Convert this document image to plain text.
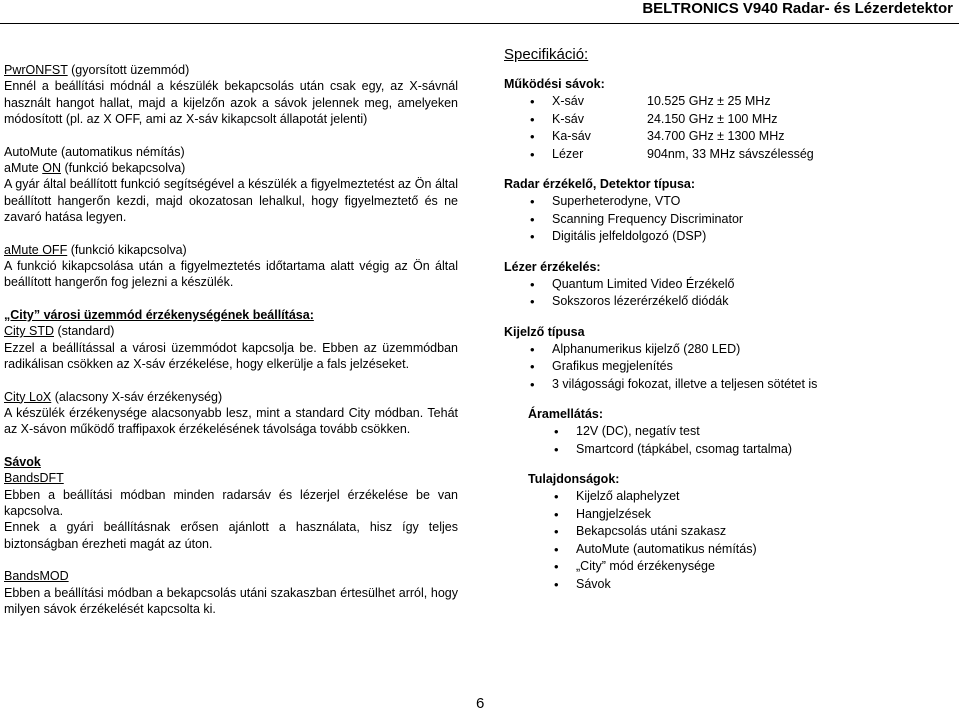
BELTRONICS V940 Radar- és Lézerdetektor

PwrONFST (gyorsított üzemmód)
Ennél a beállítási módnál a készülék bekapcsolás után csak egy, az X-sávnál használt hangot hallat, majd a kijelzőn azok a sávok jelennek meg, amelyeken módosított (pl. az X OFF, ami az X-sáv kikapcsolt állapotát jelenti)

AutoMute (automatikus némítás)
aMute ON (funkció bekapcsolva)
A gyár által beállított funkció segítségével a készülék a figyelmeztetést az Ön által beállított hangerőn kezdi, majd okozatosan lehalkul, hogy figyelmeztető és ne zavaró hatása legyen.

aMute OFF (funkció kikapcsolva)
A funkció kikapcsolása után a figyelmeztetés időtartama alatt végig az Ön által beállított hangerőn fog jelezni a készülék.

„City” városi üzemmód érzékenységének beállítása:
City STD (standard)
Ezzel a beállítással a városi üzemmódot kapcsolja be. Ebben az üzemmódban radikálisan csökken az X-sáv érzékelése, hogy elkerülje a fals jelzéseket.

City LoX (alacsony X-sáv érzékenység)
A készülék érzékenysége alacsonyabb lesz, mint a standard City módban. Tehát az X-sávon működő traffipaxok érzékelésének távolsága tovább csökken.

Sávok
BandsDFT
Ebben a beállítási módban minden radarsáv és lézerjel érzékelése be van kapcsolva.
Ennek a gyári beállításnak erősen ajánlott a használata, hisz így teljes biztonságban érezheti magát az úton.

BandsMOD
Ebben a beállítási módban a bekapcsolás utáni szakaszban értesülhet arról, hogy milyen sávok érzékelését kapcsolta ki.

Specifikáció:
Működési sávok:
• X-sáv	10.525 GHz ± 25 MHz
• K-sáv	24.150 GHz ± 100 MHz
• Ka-sáv	34.700 GHz ± 1300 MHz
• Lézer	904nm, 33 MHz sávszélesség
Radar érzékelő, Detektor típusa:
• Superheterodyne, VTO
• Scanning Frequency Discriminator
• Digitális jelfeldolgozó (DSP)
Lézer érzékelés:
• Quantum Limited Video Érzékelő
• Sokszoros lézerérzékelő diódák
Kijelző típusa
• Alphanumerikus kijelző (280 LED)
• Grafikus megjelenítés
• 3 világossági fokozat, illetve a teljesen sötétet is
Áramellátás:
• 12V (DC), negatív test
• Smartcord (tápkábel, csomag tartalma)
Tulajdonságok:
• Kijelző alaphelyzet
• Hangjelzések
• Bekapcsolás utáni szakasz
• AutoMute (automatikus némítás)
• „City” mód érzékenysége
• Sávok
6
